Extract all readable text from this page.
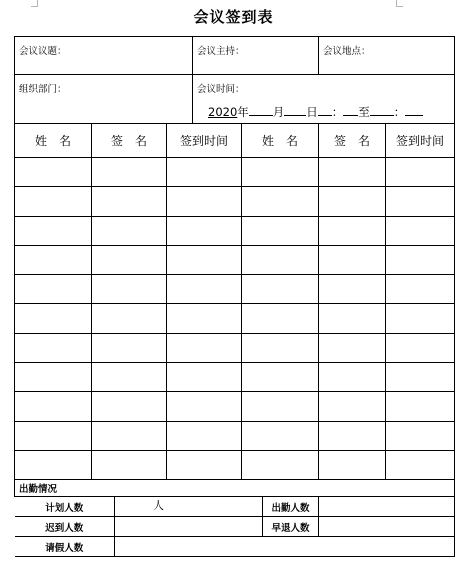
会议签到表
会议议题：	会议主持：	会议地点：
组织部门：	会议时间：
2020年 月 日 ： 至 ：	
姓　名	签　名	签到时间	姓　名	签　名	签到时间

出勤情况			
计划人数	人	出勤人数	
迟到人数		早退人数	
请假人数			
